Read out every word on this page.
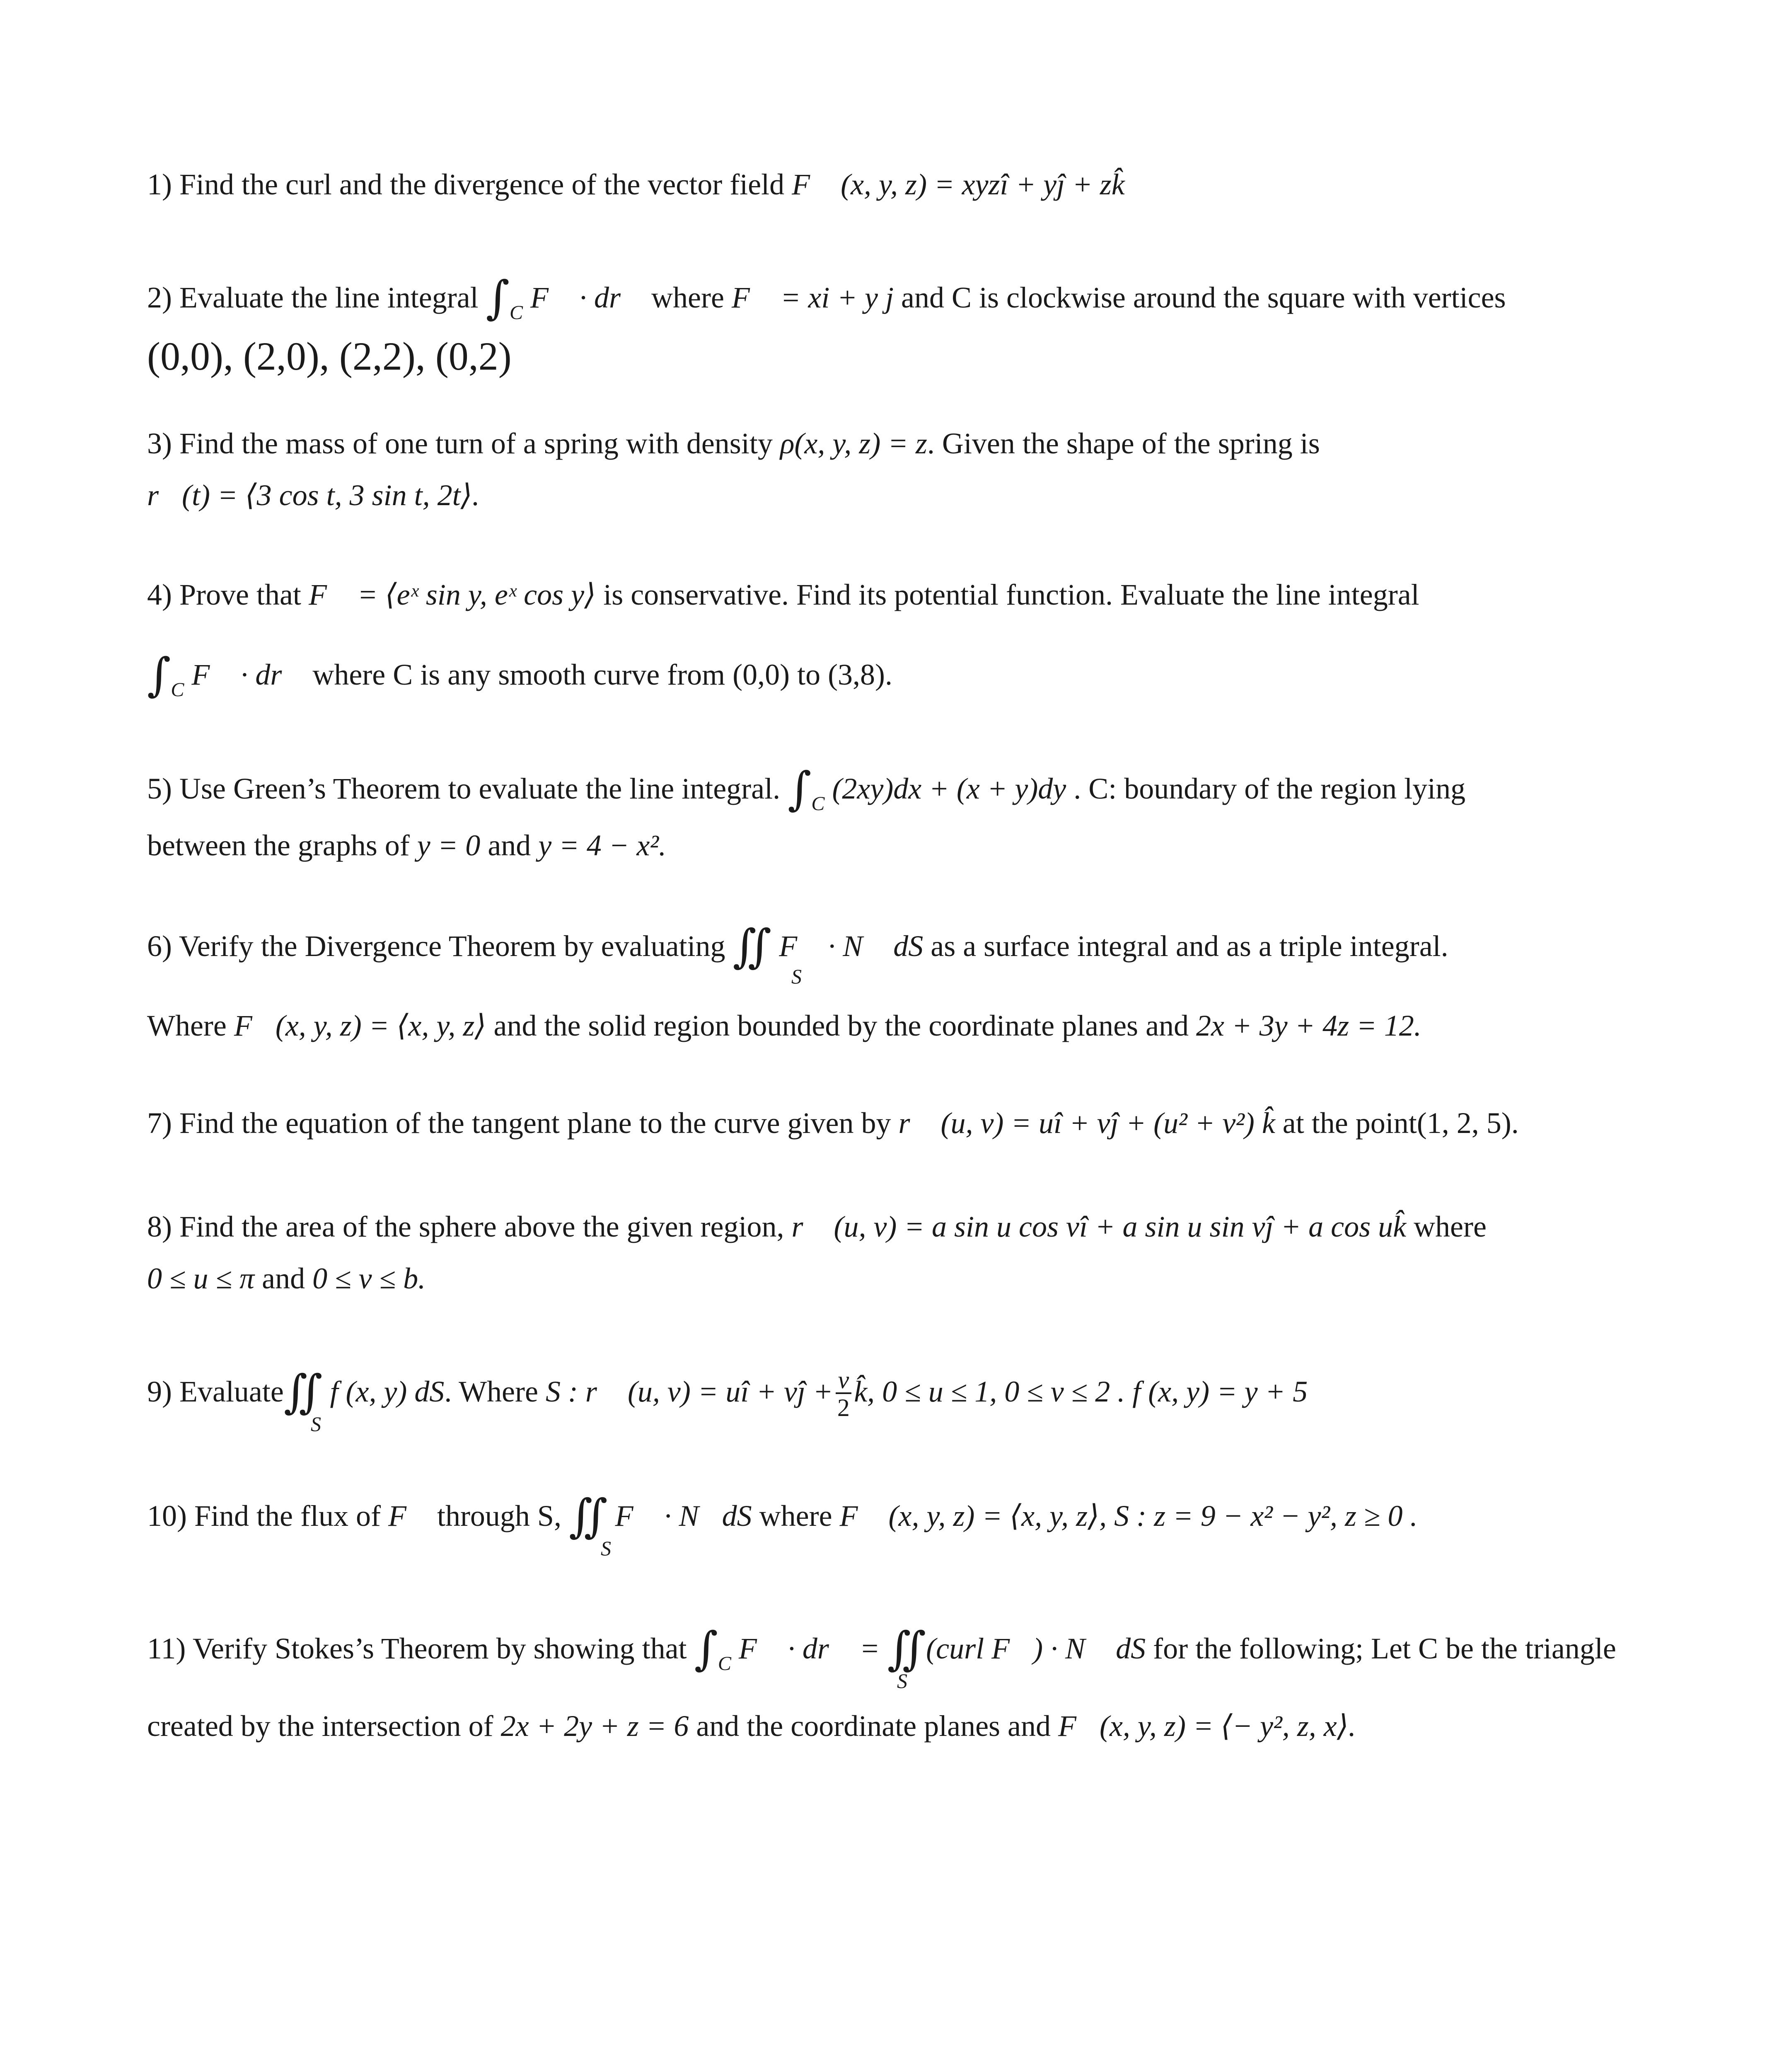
1) Find the curl and the divergence of the vector field F⃗ (x, y, z) = xyzî + yĵ + zk̂
2) Evaluate the line integral $\int_C$ F⃗ · dr⃗ where F⃗ = xi + y j and C is clockwise around the square with vertices
(0,0), (2,0), (2,2), (0,2)
3) Find the mass of one turn of a spring with density ρ(x, y, z) = z. Given the shape of the spring is
r⃗(t) = ⟨3 cos t, 3 sin t, 2t⟩.
4) Prove that F⃗ = ⟨eˣ sin y, eˣ cos y⟩ is conservative. Find its potential function. Evaluate the line integral
$\int_C$ F⃗ · dr⃗ where C is any smooth curve from (0,0) to (3,8).
5) Use Green’s Theorem to evaluate the line integral. $\int_C$ (2xy)dx + (x + y)dy . C: boundary of the region lying
between the graphs of y = 0 and y = 4 − x².
6) Verify the Divergence Theorem by evaluating ∬ F⃗ · N⃗ dS as a surface integral and as a triple integral.
S
Where F⃗(x, y, z) = ⟨x, y, z⟩ and the solid region bounded by the coordinate planes and 2x + 3y + 4z = 12.
7) Find the equation of the tangent plane to the curve given by r⃗ (u, v) = uî + vĵ + (u² + v²) k̂ at the point(1, 2, 5).
8) Find the area of the sphere above the given region, r⃗ (u, v) = a sin u cos vî + a sin u sin vĵ + a cos uk̂ where
0 ≤ u ≤ π and 0 ≤ v ≤ b.
9) Evaluate∬ f (x, y) dS. Where S : r⃗ (u, v) = uî + vĵ + $\frac{v}{2}$ k̂, 0 ≤ u ≤ 1, 0 ≤ v ≤ 2 . f (x, y) = y + 5
S
10) Find the flux of F⃗ through S, ∬ F⃗ · N⃗dS where F⃗ (x, y, z) = ⟨x, y, z⟩, S : z = 9 − x² − y², z ≥ 0 .
S
11) Verify Stokes’s Theorem by showing that $\int_C$ F⃗ · dr⃗ = ∬(curl F⃗) · N⃗ dS for the following; Let C be the triangle
S
created by the intersection of 2x + 2y + z = 6 and the coordinate planes and F⃗(x, y, z) = ⟨− y², z, x⟩.
